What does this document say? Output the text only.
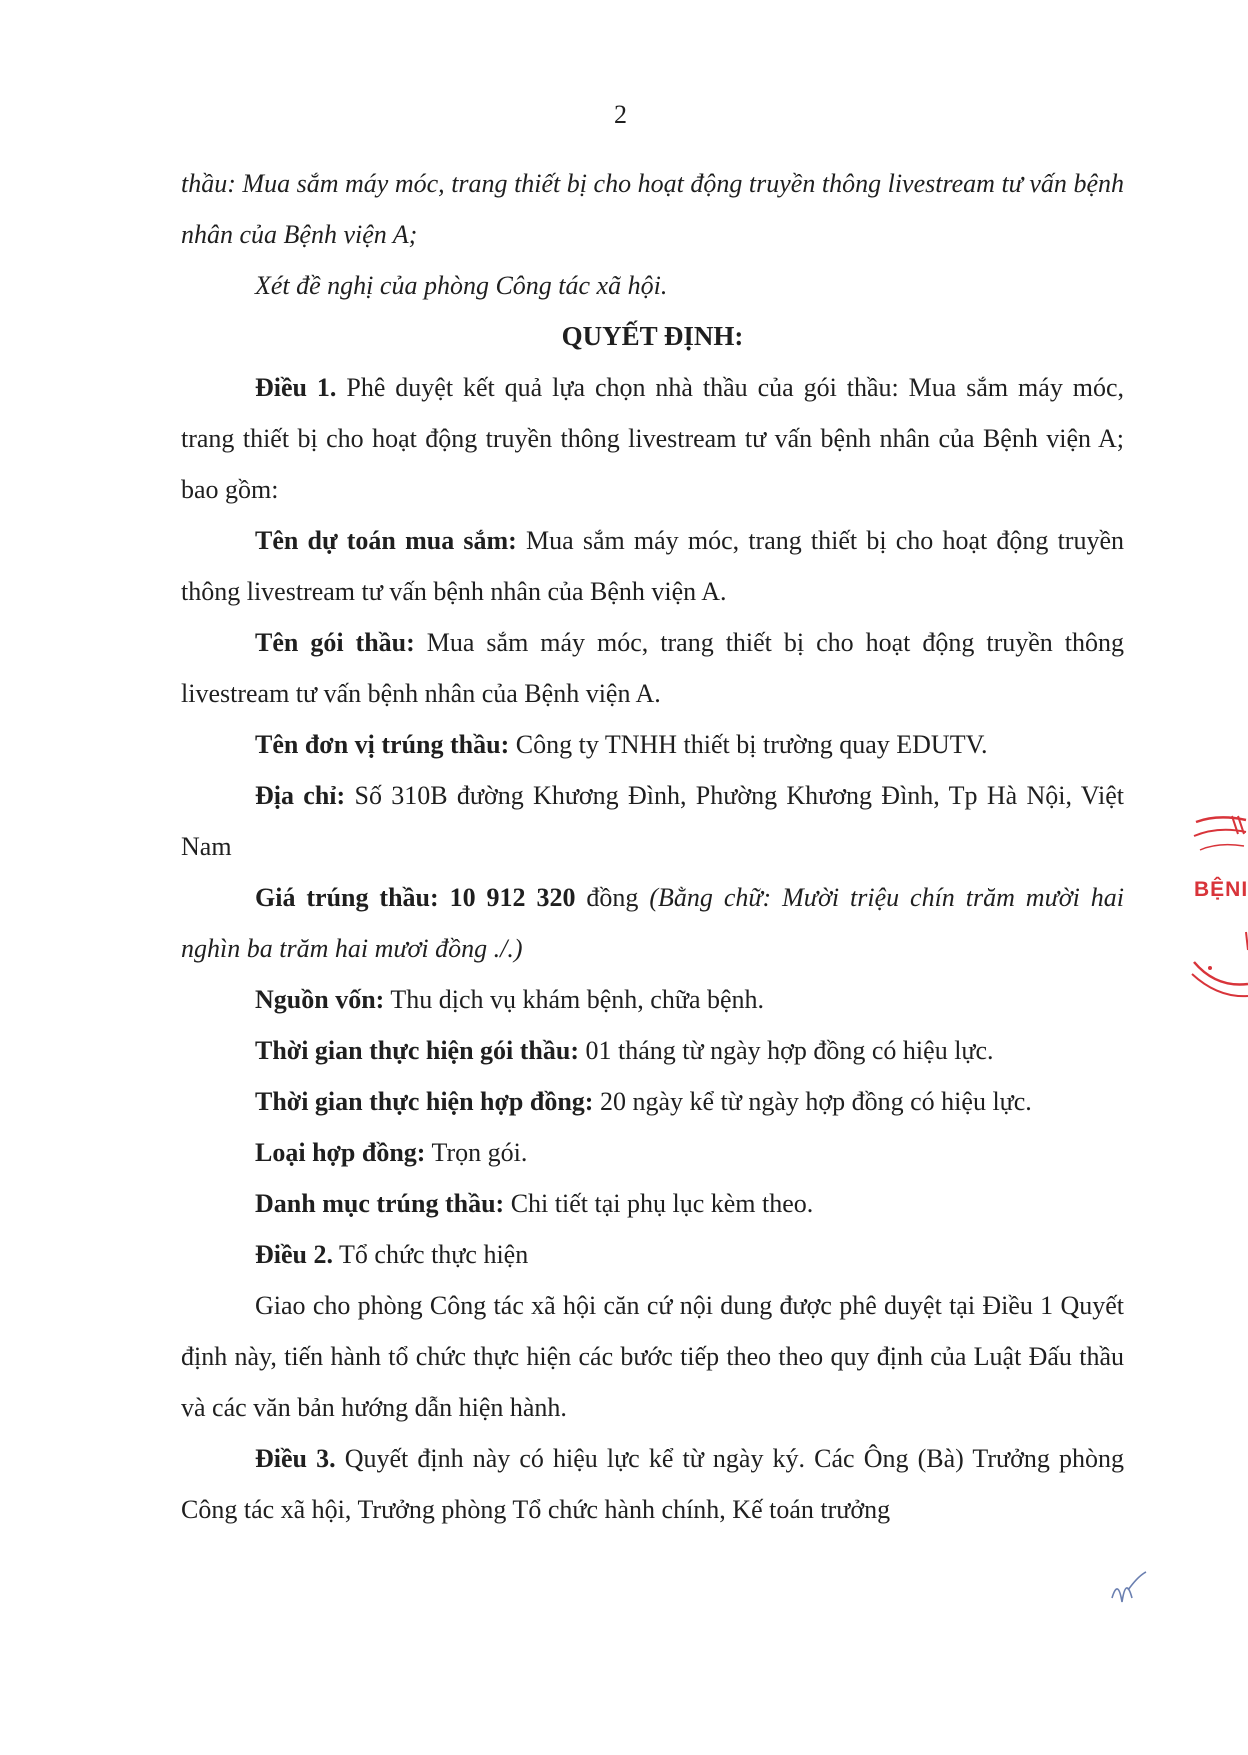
2

thầu: Mua sắm máy móc, trang thiết bị cho hoạt động truyền thông livestream tư vấn bệnh nhân của Bệnh viện A;

Xét đề nghị của phòng Công tác xã hội.

QUYẾT ĐỊNH:

Điều 1. Phê duyệt kết quả lựa chọn nhà thầu của gói thầu: Mua sắm máy móc, trang thiết bị cho hoạt động truyền thông livestream tư vấn bệnh nhân của Bệnh viện A; bao gồm:

Tên dự toán mua sắm: Mua sắm máy móc, trang thiết bị cho hoạt động truyền thông livestream tư vấn bệnh nhân của Bệnh viện A.

Tên gói thầu: Mua sắm máy móc, trang thiết bị cho hoạt động truyền thông livestream tư vấn bệnh nhân của Bệnh viện A.

Tên đơn vị trúng thầu: Công ty TNHH thiết bị trường quay EDUTV.

Địa chỉ: Số 310B đường Khương Đình, Phường Khương Đình, Tp Hà Nội, Việt Nam

Giá trúng thầu: 10 912 320 đồng (Bằng chữ: Mười triệu chín trăm mười hai nghìn ba trăm hai mươi đồng ./.)

Nguồn vốn: Thu dịch vụ khám bệnh, chữa bệnh.

Thời gian thực hiện gói thầu: 01 tháng từ ngày hợp đồng có hiệu lực.

Thời gian thực hiện hợp đồng: 20 ngày kể từ ngày hợp đồng có hiệu lực.

Loại hợp đồng: Trọn gói.

Danh mục trúng thầu: Chi tiết tại phụ lục kèm theo.

Điều 2. Tổ chức thực hiện

Giao cho phòng Công tác xã hội căn cứ nội dung được phê duyệt tại Điều 1 Quyết định này, tiến hành tổ chức thực hiện các bước tiếp theo theo quy định của Luật Đấu thầu và các văn bản hướng dẫn hiện hành.

Điều 3. Quyết định này có hiệu lực kể từ ngày ký. Các Ông (Bà) Trưởng phòng Công tác xã hội, Trưởng phòng Tổ chức hành chính, Kế toán trưởng

BỆNI
